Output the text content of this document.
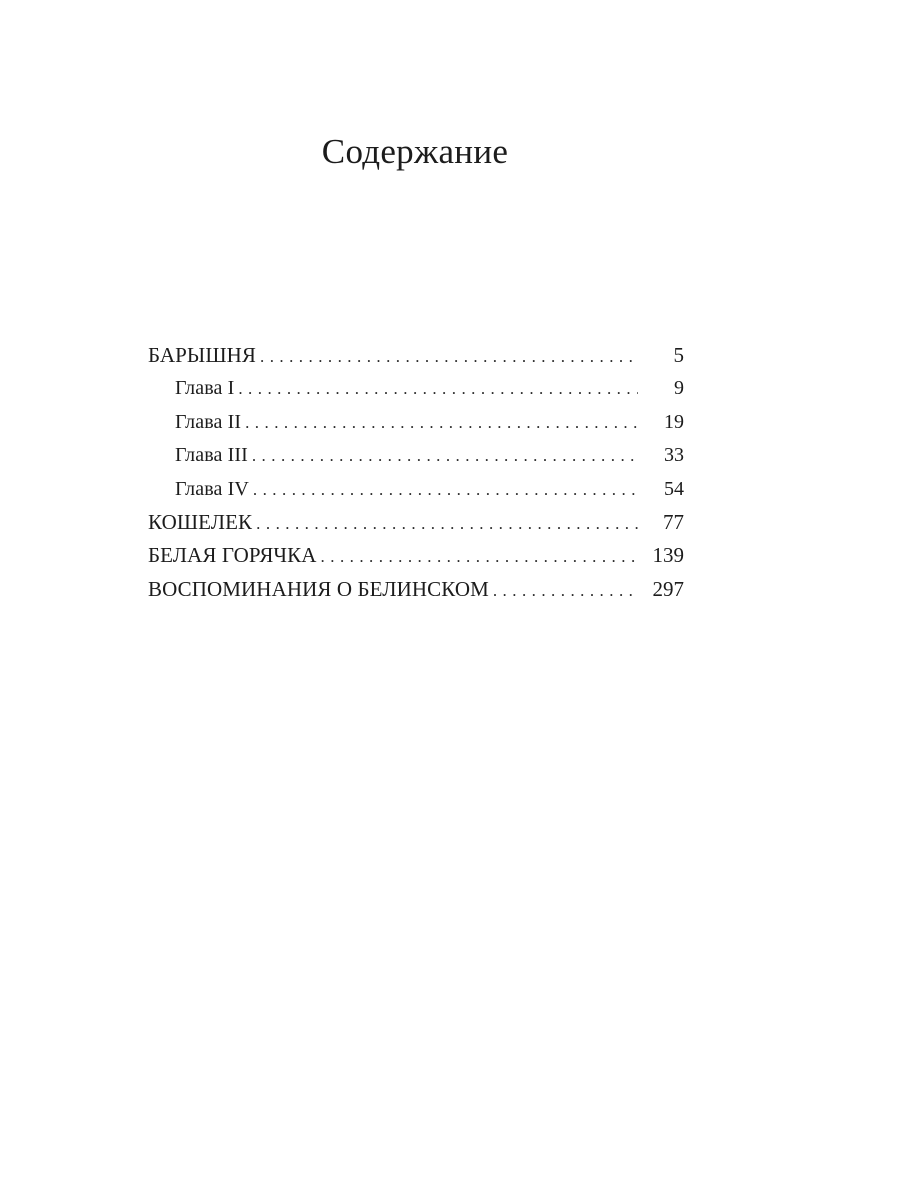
Содержание
БАРЫШНЯ . . .	5
Глава I . . .	9
Глава II . . .	19
Глава III . . .	33
Глава IV . . .	54
КОШЕЛЕК . . .	77
БЕЛАЯ ГОРЯЧКА . . .	139
ВОСПОМИНАНИЯ О БЕЛИНСКОМ . . .	297
